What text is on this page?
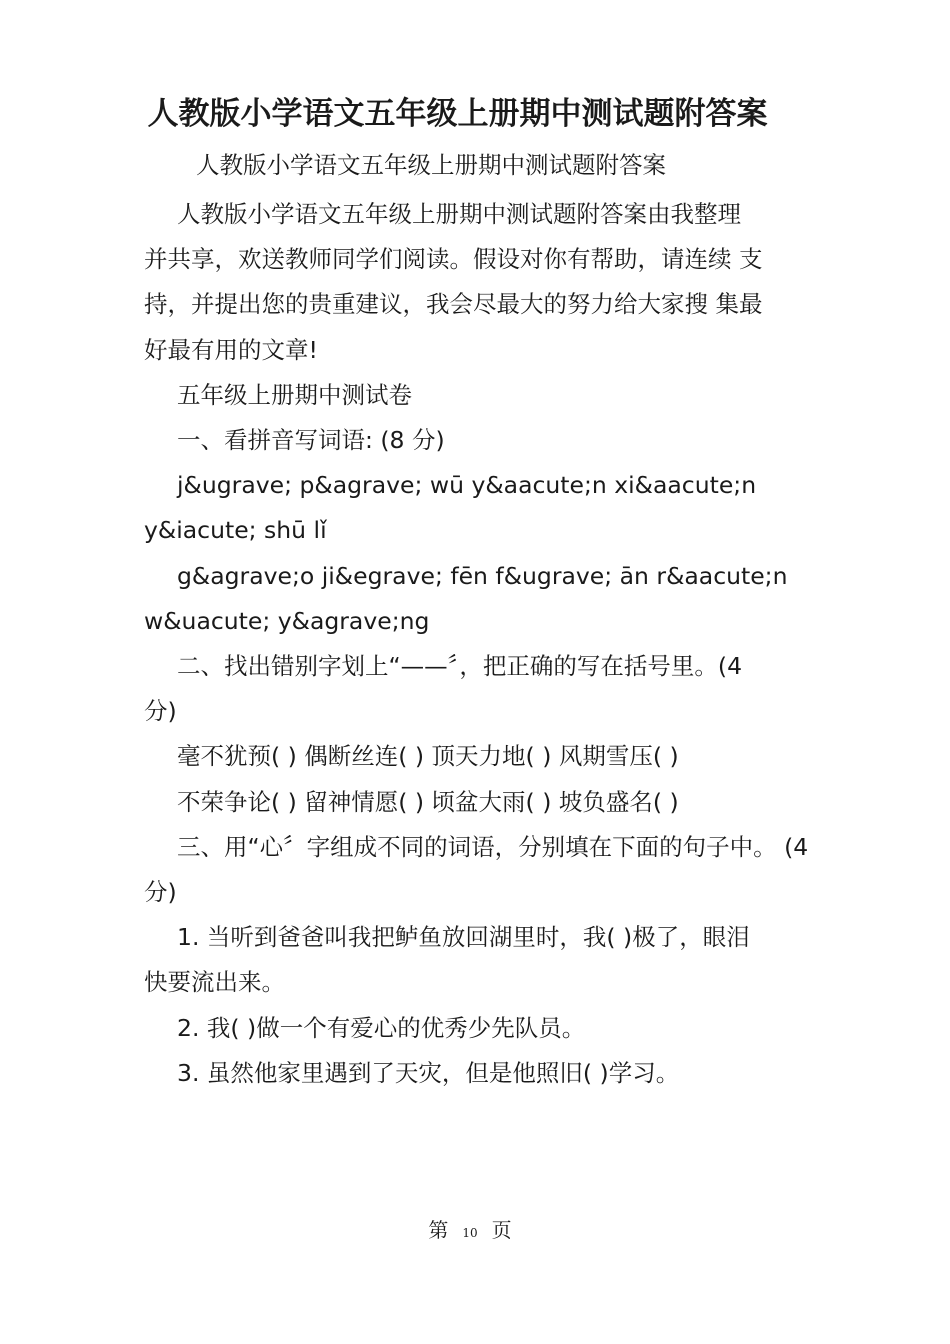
人教版小学语文五年级上册期中测试题附答案
人教版小学语文五年级上册期中测试题附答案
人教版小学语文五年级上册期中测试题附答案由我整理
并共享，欢送教师同学们阅读。假设对你有帮助，请连续 支
持，并提出您的贵重建议，我会尽最大的努力给大家搜 集最
好最有用的文章!
五年级上册期中测试卷
一、看拼音写词语: (8 分)
j&ugrave; p&agrave; wū y&aacute;n xi&aacute;n
y&iacute; shū lǐ
g&agrave;o ji&egrave; fēn f&ugrave; ān r&aacute;n
w&uacute; y&agrave;ng
二、找出错别字划上“——〞，把正确的写在括号里。(4
分)
毫不犹预( ) 偶断丝连( ) 顶天力地( ) 风期雪压( )
不荣争论( ) 留神情愿( ) 顷盆大雨( ) 坡负盛名( )
三、用“心〞字组成不同的词语，分别填在下面的句子中。 (4
分)
1. 当听到爸爸叫我把鲈鱼放回湖里时，我( )极了，眼泪
快要流出来。
2. 我( )做一个有爱心的优秀少先队员。
3. 虽然他家里遇到了天灾，但是他照旧( )学习。
第 10 页
